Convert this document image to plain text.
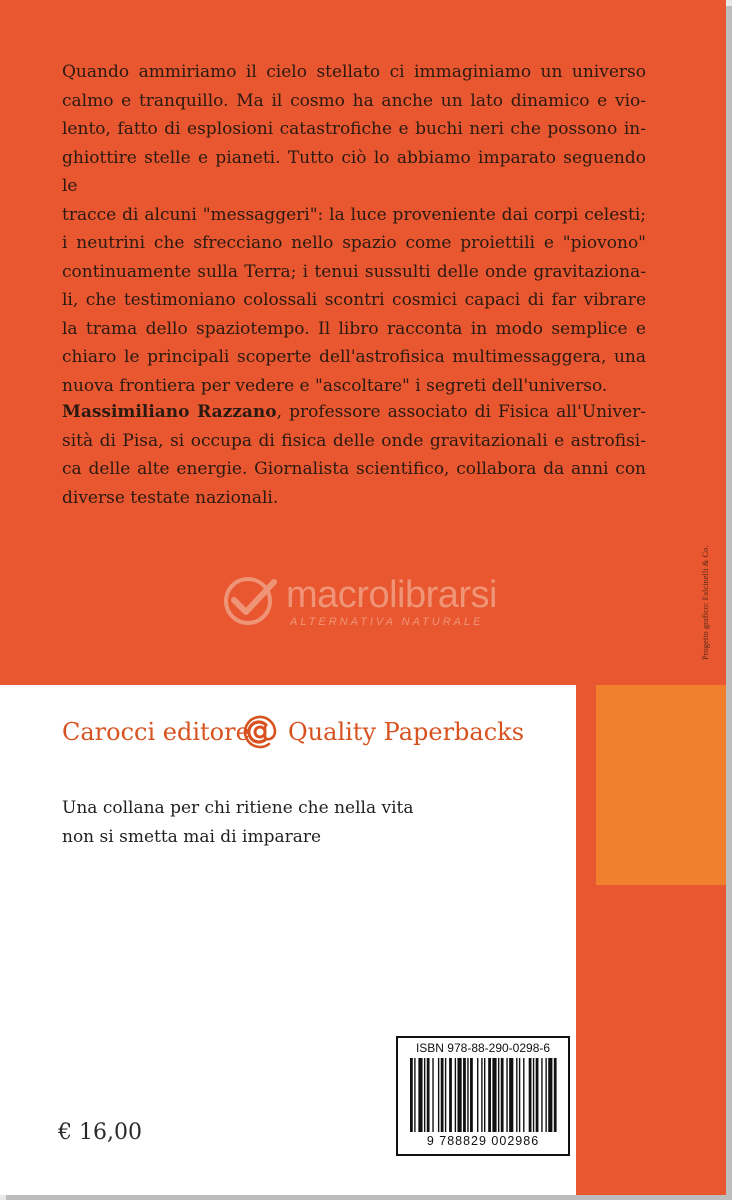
Quando ammiriamo il cielo stellato ci immaginiamo un universo
calmo e tranquillo. Ma il cosmo ha anche un lato dinamico e vio-
lento, fatto di esplosioni catastrofiche e buchi neri che possono in-
ghiottire stelle e pianeti. Tutto ciò lo abbiamo imparato seguendo le
tracce di alcuni "messaggeri": la luce proveniente dai corpi celesti;
i neutrini che sfrecciano nello spazio come proiettili e "piovono"
continuamente sulla Terra; i tenui sussulti delle onde gravitaziona-
li, che testimoniano colossali scontri cosmici capaci di far vibrare
la trama dello spaziotempo. Il libro racconta in modo semplice e
chiaro le principali scoperte dell'astrofisica multimessaggera, una
nuova frontiera per vedere e "ascoltare" i segreti dell'universo.
Massimiliano Razzano, professore associato di Fisica all'Univer-
sità di Pisa, si occupa di fisica delle onde gravitazionali e astrofisi-
ca delle alte energie. Giornalista scientifico, collabora da anni con
diverse testate nazionali.
Progetto grafico: Falcinelli & Co.
macrolibrarsi
ALTERNATIVA NATURALE
Carocci editore Quality Paperbacks
Una collana per chi ritiene che nella vita
non si smetta mai di imparare
€ 16,00
ISBN 978-88-290-0298-6
9 788829 002986
